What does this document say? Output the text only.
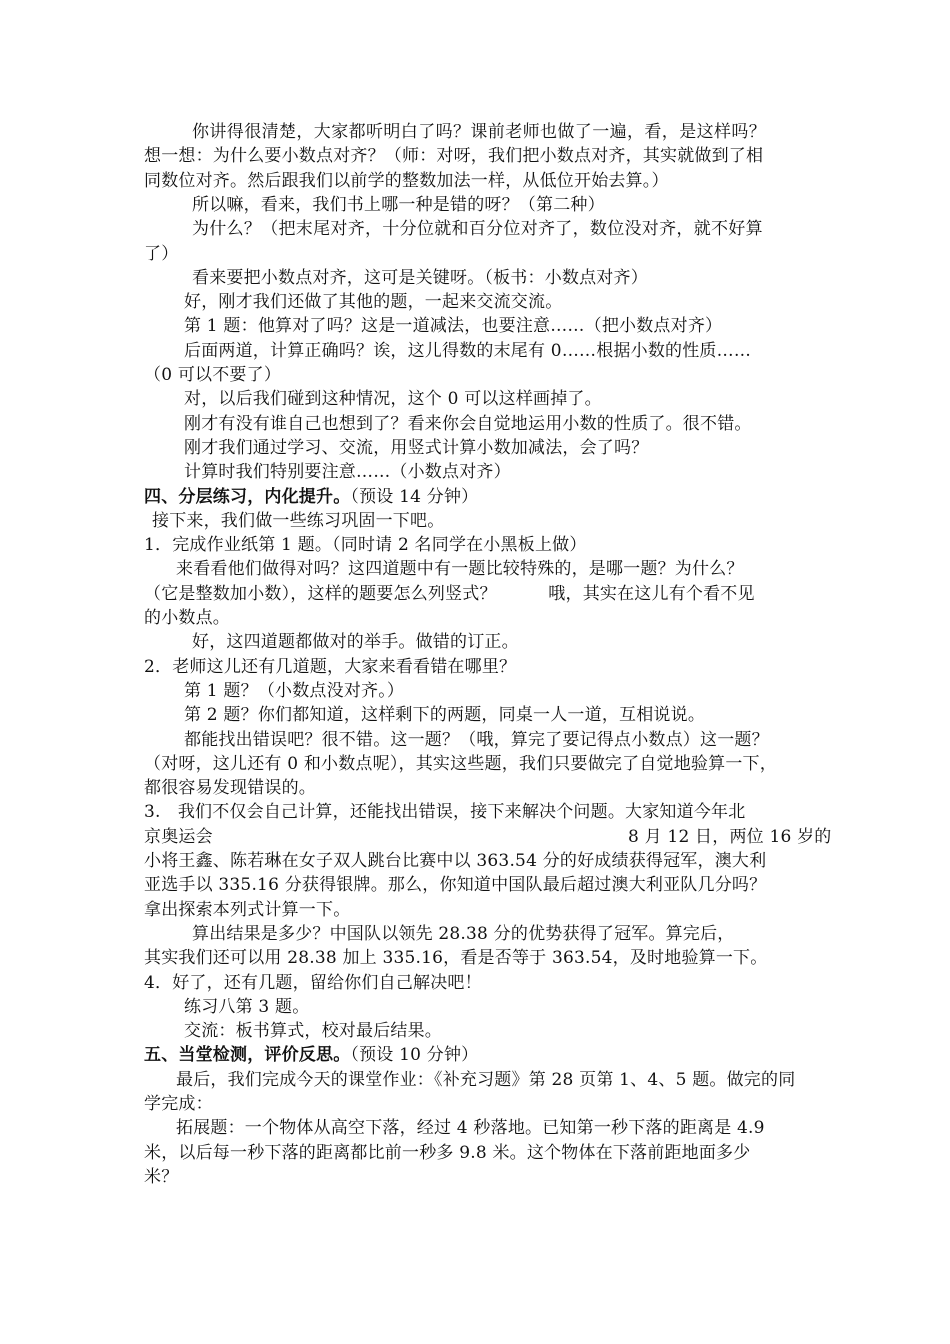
你讲得很清楚，大家都听明白了吗？课前老师也做了一遍，看，是这样吗？
想一想：为什么要小数点对齐？（师：对呀，我们把小数点对齐，其实就做到了相
同数位对齐。然后跟我们以前学的整数加法一样，从低位开始去算。）
所以嘛，看来，我们书上哪一种是错的呀？（第二种）
为什么？（把末尾对齐，十分位就和百分位对齐了，数位没对齐，就不好算
了）
看来要把小数点对齐，这可是关键呀。（板书：小数点对齐）
好，刚才我们还做了其他的题，一起来交流交流。
第 1 题：他算对了吗？这是一道减法，也要注意……（把小数点对齐）
后面两道，计算正确吗？诶，这儿得数的末尾有 0……根据小数的性质……
（0 可以不要了）
对，以后我们碰到这种情况，这个 0 可以这样画掉了。
刚才有没有谁自己也想到了？看来你会自觉地运用小数的性质了。很不错。
刚才我们通过学习、交流，用竖式计算小数加减法，会了吗？
计算时我们特别要注意……（小数点对齐）
四、分层练习，内化提升。（预设 14 分钟）
接下来，我们做一些练习巩固一下吧。
1．完成作业纸第 1 题。（同时请 2 名同学在小黑板上做）
来看看他们做得对吗？这四道题中有一题比较特殊的，是哪一题？为什么？
（它是整数加小数），这样的题要怎么列竖式？　　　哦，其实在这儿有个看不见
的小数点。
好，这四道题都做对的举手。做错的订正。
2．老师这儿还有几道题，大家来看看错在哪里？
第 1 题？（小数点没对齐。）
第 2 题？你们都知道，这样剩下的两题，同桌一人一道，互相说说。
都能找出错误吧？很不错。这一题？（哦，算完了要记得点小数点）这一题？
（对呀，这儿还有 0 和小数点呢），其实这些题，我们只要做完了自觉地验算一下，
都很容易发现错误的。
3.　我们不仅会自己计算，还能找出错误，接下来解决个问题。大家知道今年北
京奥运会	8 月 12 日，两位 16 岁的
小将王鑫、陈若琳在女子双人跳台比赛中以 363.54 分的好成绩获得冠军，澳大利
亚选手以 335.16 分获得银牌。那么，你知道中国队最后超过澳大利亚队几分吗？
拿出探索本列式计算一下。
算出结果是多少？中国队以领先 28.38 分的优势获得了冠军。算完后，
其实我们还可以用 28.38 加上 335.16，看是否等于 363.54，及时地验算一下。
4．好了，还有几题，留给你们自己解决吧！
练习八第 3 题。
交流：板书算式，校对最后结果。
五、当堂检测，评价反思。（预设 10 分钟）
最后，我们完成今天的课堂作业：《补充习题》第 28 页第 1、4、5 题。做完的同
学完成：
拓展题：一个物体从高空下落，经过 4 秒落地。已知第一秒下落的距离是 4.9
米，以后每一秒下落的距离都比前一秒多 9.8 米。这个物体在下落前距地面多少
米？
